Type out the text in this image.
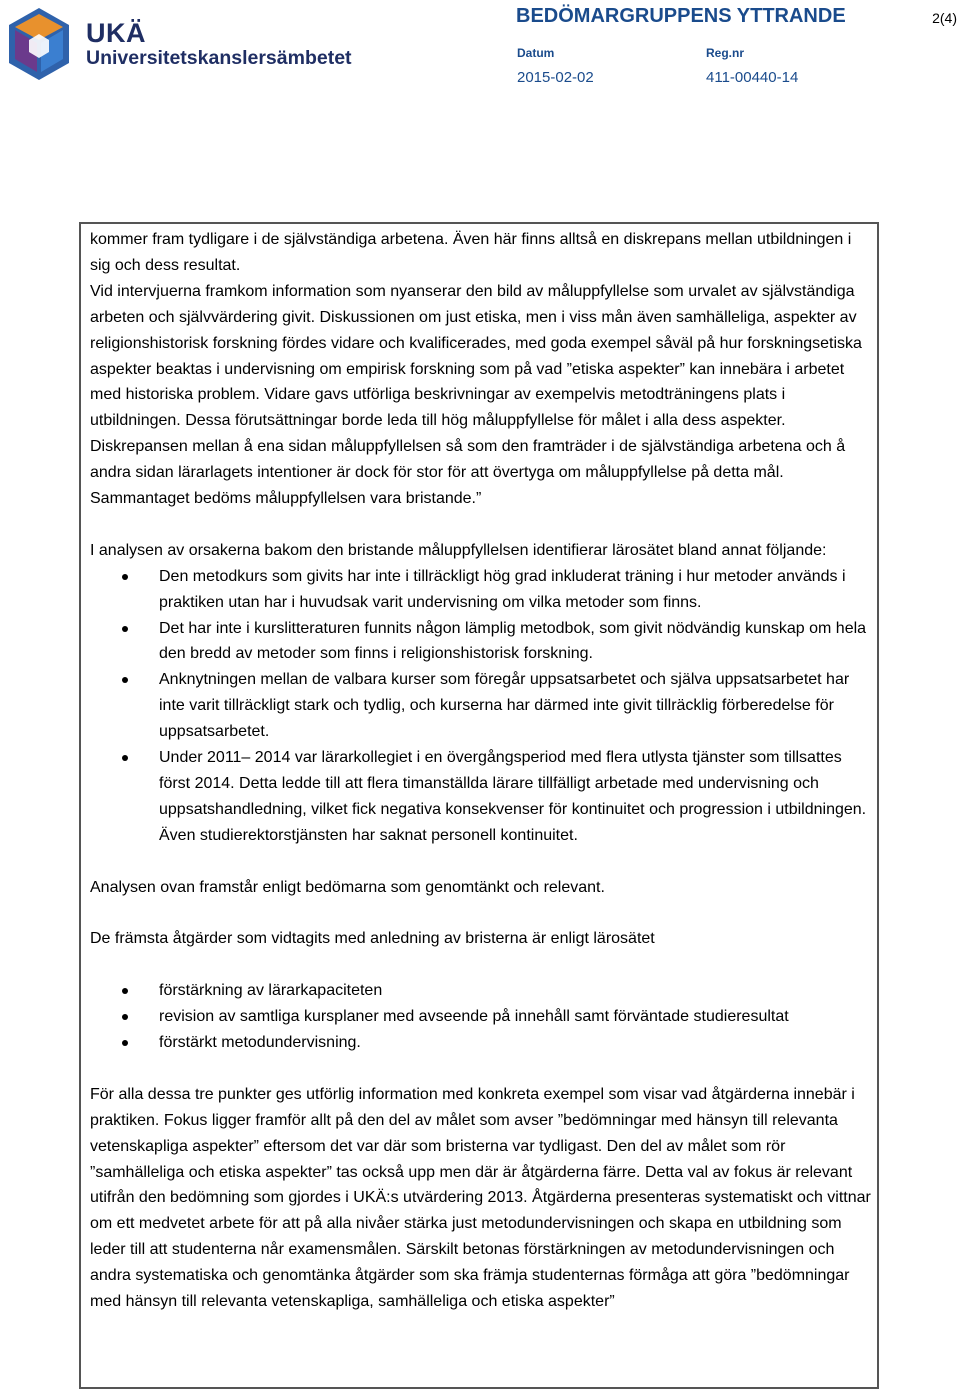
UKÄ
Universitetskanslersämbetet
BEDÖMARGRUPPENS YTTRANDE	2(4)
Datum	Reg.nr
2015-02-02	411-00440-14

kommer fram tydligare i de självständiga arbetena. Även här finns alltså en diskrepans mellan utbildningen i sig och dess resultat.

Vid intervjuerna framkom information som nyanserar den bild av måluppfyllelse som urvalet av självständiga arbeten och självvärdering givit. Diskussionen om just etiska, men i viss mån även samhälleliga, aspekter av religionshistorisk forskning fördes vidare och kvalificerades, med goda exempel såväl på hur forskningsetiska aspekter beaktas i undervisning om empirisk forskning som på vad ”etiska aspekter” kan innebära i arbetet med historiska problem. Vidare gavs utförliga beskrivningar av exempelvis metodträningens plats i utbildningen. Dessa förutsättningar borde leda till hög måluppfyllelse för målet i alla dess aspekter. Diskrepansen mellan å ena sidan måluppfyllelsen så som den framträder i de självständiga arbetena och å andra sidan lärarlagets intentioner är dock för stor för att övertyga om måluppfyllelse på detta mål. Sammantaget bedöms måluppfyllelsen vara bristande.”

I analysen av orsakerna bakom den bristande måluppfyllelsen identifierar lärosätet bland annat följande:

Den metodkurs som givits har inte i tillräckligt hög grad inkluderat träning i hur metoder används i praktiken utan har i huvudsak varit undervisning om vilka metoder som finns.
Det har inte i kurslitteraturen funnits någon lämplig metodbok, som givit nödvändig kunskap om hela den bredd av metoder som finns i religionshistorisk forskning.
Anknytningen mellan de valbara kurser som föregår uppsatsarbetet och själva uppsatsarbetet har inte varit tillräckligt stark och tydlig, och kurserna har därmed inte givit tillräcklig förberedelse för uppsatsarbetet.
Under 2011– 2014 var lärarkollegiet i en övergångsperiod med flera utlysta tjänster som tillsattes först 2014. Detta ledde till att flera timanställda lärare tillfälligt arbetade med undervisning och uppsatshandledning, vilket fick negativa konsekvenser för kontinuitet och progression i utbildningen. Även studierektorstjänsten har saknat personell kontinuitet.

Analysen ovan framstår enligt bedömarna som genomtänkt och relevant.

De främsta åtgärder som vidtagits med anledning av bristerna är enligt lärosätet

förstärkning av lärarkapaciteten
revision av samtliga kursplaner med avseende på innehåll samt förväntade studieresultat
förstärkt metodundervisning.

För alla dessa tre punkter ges utförlig information med konkreta exempel som visar vad åtgärderna innebär i praktiken. Fokus ligger framför allt på den del av målet som avser ”bedömningar med hänsyn till relevanta vetenskapliga aspekter” eftersom det var där som bristerna var tydligast. Den del av målet som rör ”samhälleliga och etiska aspekter” tas också upp men där är åtgärderna färre. Detta val av fokus är relevant utifrån den bedömning som gjordes i UKÄ:s utvärdering 2013. Åtgärderna presenteras systematiskt och vittnar om ett medvetet arbete för att på alla nivåer stärka just metodundervisningen och skapa en utbildning som leder till att studenterna når examensmålen. Särskilt betonas förstärkningen av metodundervisningen och andra systematiska och genomtänka åtgärder som ska främja studenternas förmåga att göra ”bedömningar med hänsyn till relevanta vetenskapliga, samhälleliga och etiska aspekter”
